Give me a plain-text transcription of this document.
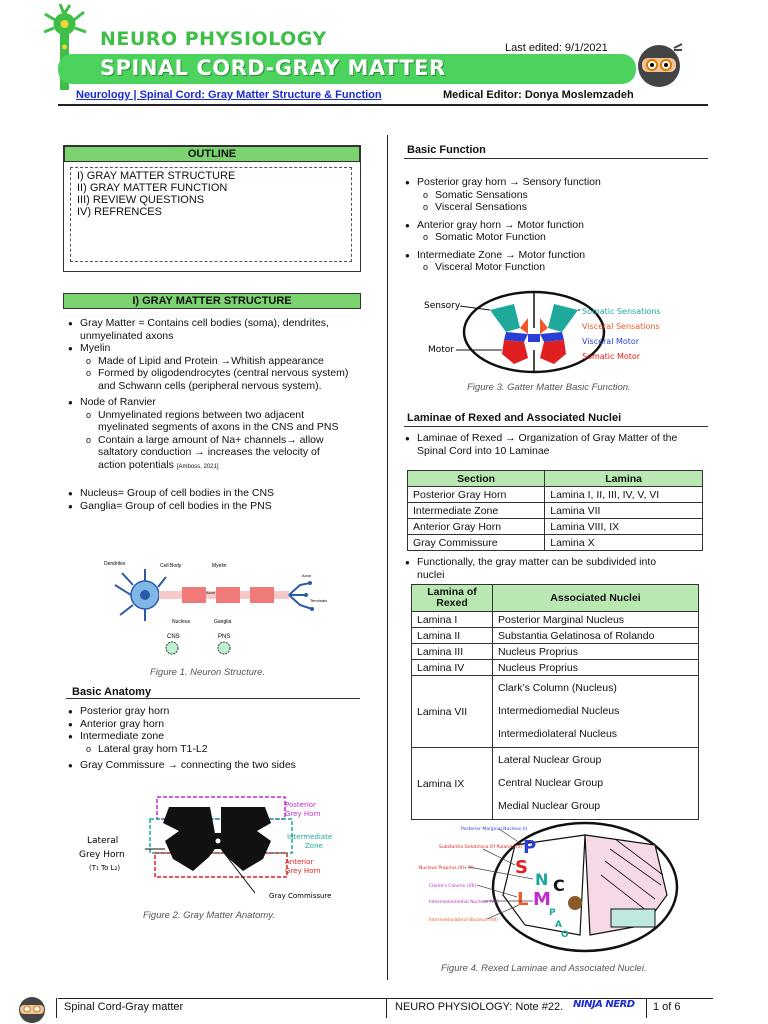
NEURO PHYSIOLOGY
SPINAL CORD-GRAY MATTER
Last edited: 9/1/2021
Neurology | Spinal Cord: Gray Matter Structure & Function	Medical Editor: Donya Moslemzadeh
OUTLINE
I) GRAY MATTER STRUCTURE
II) GRAY MATTER FUNCTION
III) REVIEW QUESTIONS
IV) REFRENCES
I) GRAY MATTER STRUCTURE
● Gray Matter = Contains cell bodies (soma), dendrites,
unmyelinated axons
● Myelin
o Made of Lipid and Protein →Whitish appearance
o Formed by oligodendrocytes (central nervous system)
and Schwann cells (peripheral nervous system).
● Node of Ranvier
o Unmyelinated regions between two adjacent
myelinated segments of axons in the CNS and PNS
o Contain a large amount of Na+ channels→ allow
saltatory conduction → increases the velocity of
action potentials [Amboss, 2021]
● Nucleus= Group of cell bodies in the CNS
● Ganglia= Group of cell bodies in the PNS
Dendrites	Cell Body	Myelin
Axon
Axon
Terminals
Nucleus	Ganglia
CNS	PNS
Figure 1. Neuron Structure.
Basic Anatomy
● Posterior gray horn
● Anterior gray horn
● Intermediate zone
o Lateral gray horn T1-L2
● Gray Commissure → connecting the two sides
Lateral
Grey Horn
(T₁ To L₂)
Posterior
Grey Horn
Intermediate
Zone
Anterior
Grey Horn
Gray Commissure
Figure 2. Gray Matter Anatomy.
Basic Function
● Posterior gray horn → Sensory function
o Somatic Sensations
o Visceral Sensations
● Anterior gray horn → Motor function
o Somatic Motor Function
● Intermediate Zone → Motor function
o Visceral Motor Function
Sensory
Motor
Somatic Sensations
Visceral Sensations
Visceral Motor
Somatic Motor
Figure 3. Gatter Matter Basic Function.
Laminae of Rexed and Associated Nuclei
● Laminae of Rexed → Organization of Gray Matter of the
Spinal Cord into 10 Laminae
Section	Lamina
Posterior Gray Horn	Lamina I, II, III, IV, V, VI
Intermediate Zone	Lamina VII
Anterior Gray Horn	Lamina VIII, IX
Gray Commissure	Lamina X
● Functionally, the gray matter can be subdivided into
nuclei
Lamina of Rexed	Associated Nuclei
Lamina I	Posterior Marginal Nucleus
Lamina II	Substantia Gelatinosa of Rolando
Lamina III	Nucleus Proprius
Lamina IV	Nucleus Proprius
Lamina VII	Clark’s Column (Nucleus)
Intermediomedial Nucleus
Intermediolateral Nucleus

Lamina IX	Lateral Nuclear Group
Central Nuclear Group
Medial Nuclear Group
P
S
N
L M
C
P
A
O
Posterior Marginal Nucleus (I)
Substantia Gelatinosa Of Rolando (II)
Nucleus Proprius (III+IV)
Clarke's Column (VII)
Intermediomedial Nucleus (VII)
Intermediolateral Nucleus (VII)
Figure 4. Rexed Laminae and Associated Nuclei.
Spinal Cord-Gray matter	NEURO PHYSIOLOGY: Note #22. NINJA NERD 1 of 6
